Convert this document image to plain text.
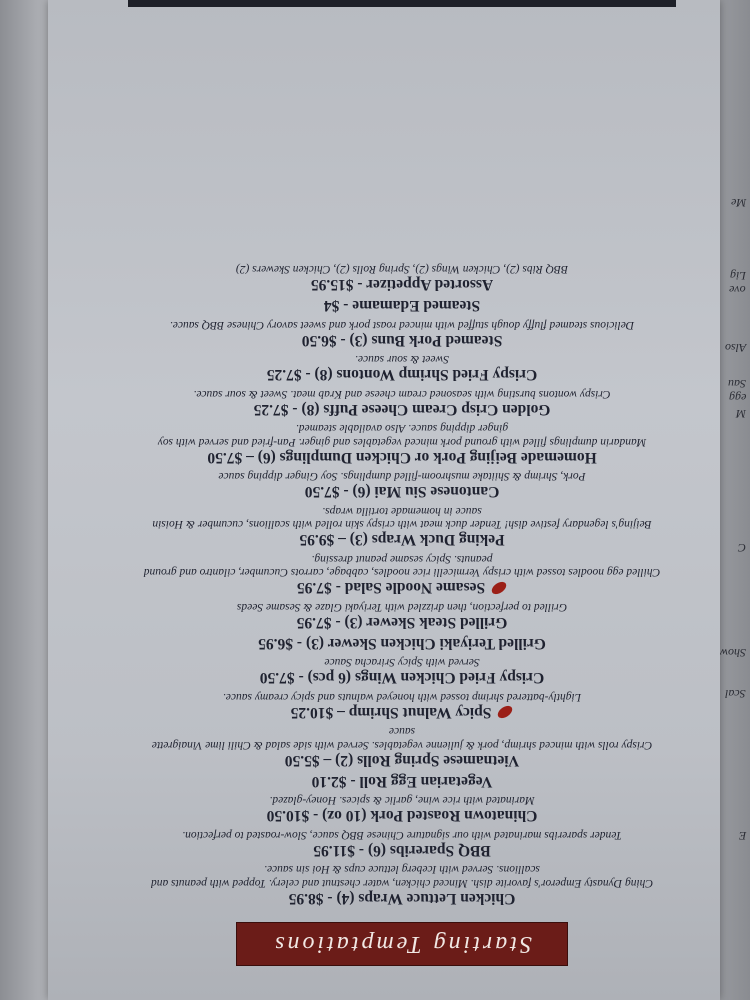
Me
Lig
ove
Also
Sau
egg
M
C
Show
Scal
E
Starting Temptations
Chicken Lettuce Wraps (4) - $8.95
Ching Dynasty Emperor's favorite dish. Minced chicken, water chestnut and celery. Topped with peanuts and scallions. Served with Iceberg lettuce cups & Hoi sin sauce.
BBQ Spareribs (6) - $11.95
Tender spareribs marinated with our signature Chinese BBQ sauce, Slow-roasted to perfection.
Chinatown Roasted Pork (10 oz) - $10.50
Marinated with rice wine, garlic & spices. Honey-glazed.
Vegetarian Egg Roll - $2.10
Vietnamese Spring Rolls (2) – $5.50
Crispy rolls with minced shrimp, pork & julienne vegetables. Served with side salad & Chili lime Vinaigrette sauce
Spicy Walnut Shrimp – $10.25
Lightly-battered shrimp tossed with honeyed walnuts and spicy creamy sauce.
Crispy Fried Chicken Wings (6 pcs) - $7.50
Served with Spicy Sriracha Sauce
Grilled Teriyaki Chicken Skewer (3) - $6.95
Grilled Steak Skewer (3) - $7.95
Grilled to perfection, then drizzled with Teriyaki Glaze & Sesame Seeds
Sesame Noodle Salad - $7.95
Chilled egg noodles tossed with crispy Vermicelli rice noodles, cabbage, carrots Cucumber, cilantro and ground peanuts. Spicy sesame peanut dressing.
Peking Duck Wraps (3) – $9.95
Beijing's legendary festive dish! Tender duck meat with crispy skin rolled with scallions, cucumber & Hoisin sauce in homemade tortilla wraps.
Cantonese Siu Mai (6) - $7.50
Pork, Shrimp & Shiitake mushroom-filled dumplings. Soy Ginger dipping sauce
Homemade Beijing Pork or Chicken Dumplings (6) – $7.50
Mandarin dumplings filled with ground pork minced vegetables and ginger. Pan-fried and served with soy ginger dipping sauce. Also available steamed.
Golden Crisp Cream Cheese Puffs (8) - $7.25
Crispy wontons bursting with seasoned cream cheese and Krab meat. Sweet & sour sauce.
Crispy Fried Shrimp Wontons (8) - $7.25
Sweet & sour sauce.
Steamed Pork Buns (3) - $6.50
Delicious steamed fluffy dough stuffed with minced roast pork and sweet savory Chinese BBQ sauce.
Steamed Edamame - $4
Assorted Appetizer - $15.95
BBQ Ribs (2), Chicken Wings (2), Spring Rolls (2), Chicken Skewers (2)
